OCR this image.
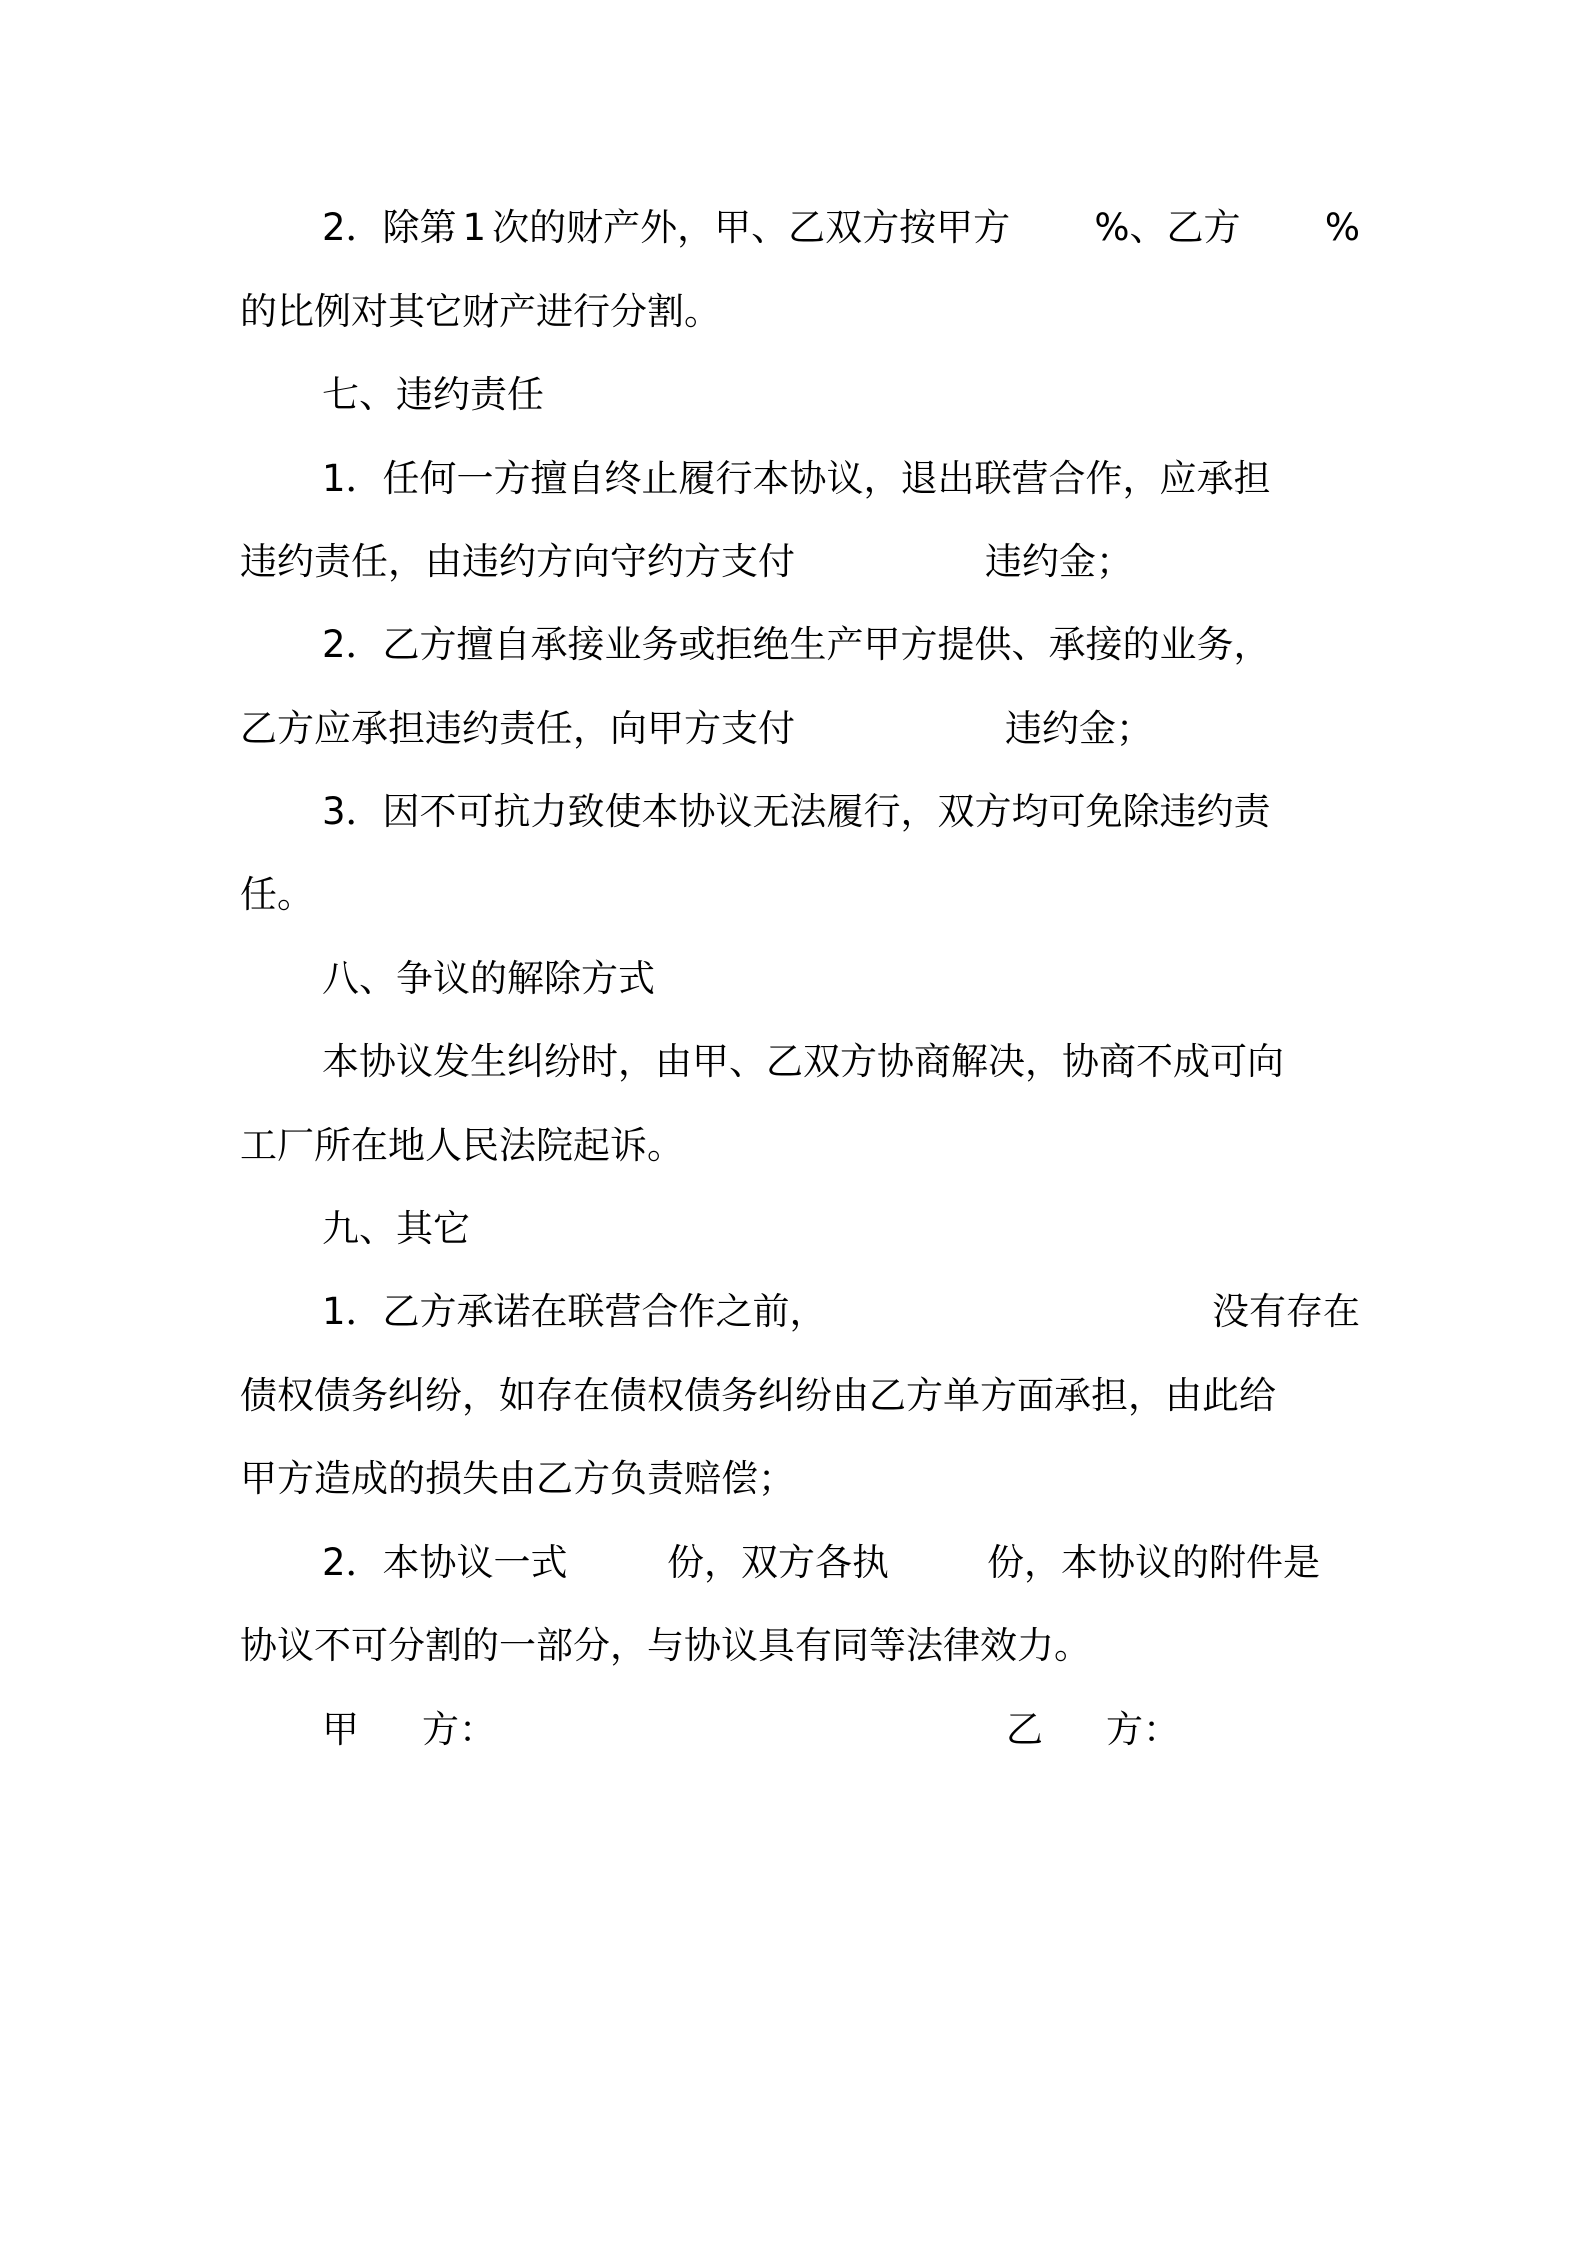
2．除第 1 次的财产外，甲、乙双方按甲方 %、乙方 %
的比例对其它财产进行分割。
七、违约责任
1．任何一方擅自终止履行本协议，退出联营合作，应承担
违约责任，由违约方向守约方支付	违约金；
2．乙方擅自承接业务或拒绝生产甲方提供、承接的业务，
乙方应承担违约责任，向甲方支付	违约金；
3．因不可抗力致使本协议无法履行，双方均可免除违约责
任。
八、争议的解除方式
本协议发生纠纷时，由甲、乙双方协商解决，协商不成可向
工厂所在地人民法院起诉。
九、其它
1．乙方承诺在联营合作之前，	没有存在
债权债务纠纷，如存在债权债务纠纷由乙方单方面承担，由此给
甲方造成的损失由乙方负责赔偿；
2．本协议一式	份，双方各执	份，本协议的附件是
协议不可分割的一部分，与协议具有同等法律效力。
甲 方：	乙 方：
